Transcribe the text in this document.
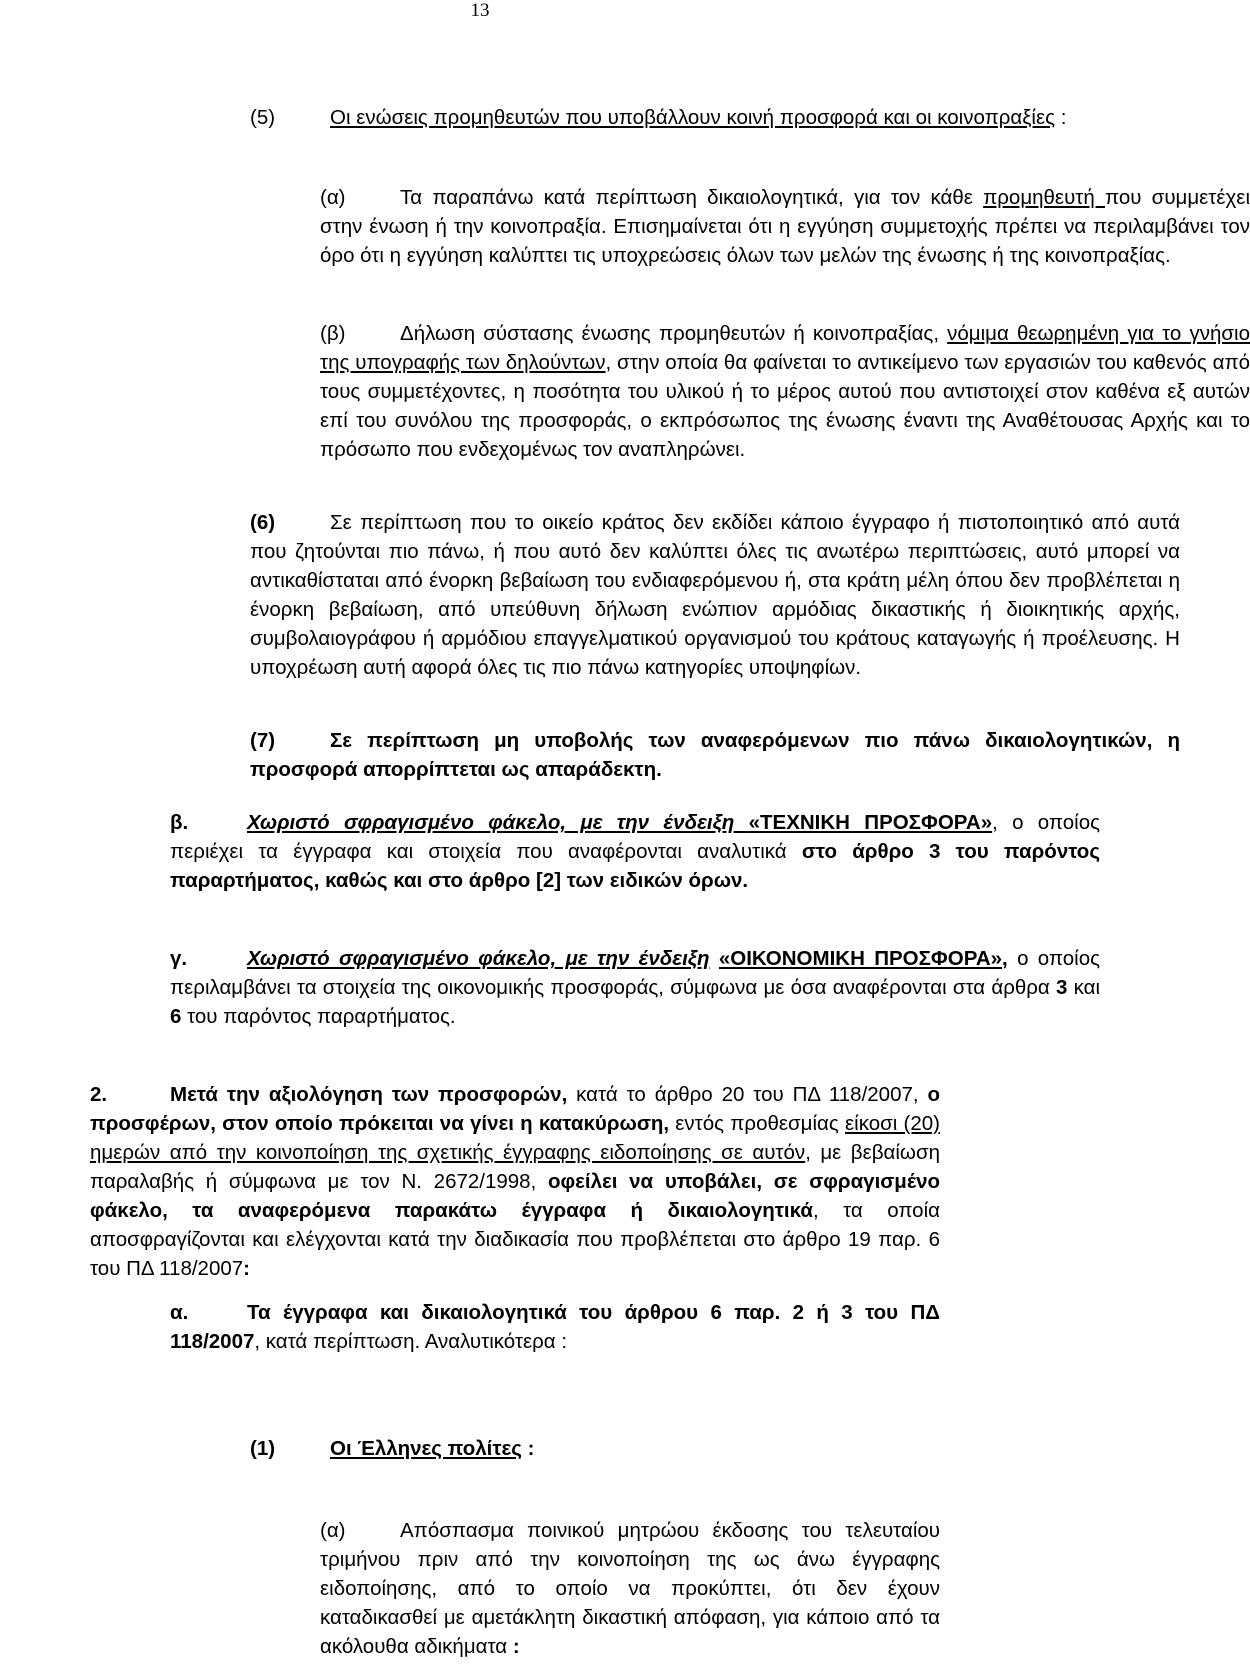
13
(5)	Οι ενώσεις προμηθευτών που υποβάλλουν κοινή προσφορά και οι κοινοπραξίες :
(α)	Τα παραπάνω κατά περίπτωση δικαιολογητικά, για τον κάθε προμηθευτή που συμμετέχει στην ένωση ή την κοινοπραξία. Επισημαίνεται ότι η εγγύηση συμμετοχής πρέπει να περιλαμβάνει τον όρο ότι η εγγύηση καλύπτει τις υποχρεώσεις όλων των μελών της ένωσης ή της κοινοπραξίας.
(β)	Δήλωση σύστασης ένωσης προμηθευτών ή κοινοπραξίας, νόμιμα θεωρημένη για το γνήσιο της υπογραφής των δηλούντων, στην οποία θα φαίνεται το αντικείμενο των εργασιών του καθενός από τους συμμετέχοντες, η ποσότητα του υλικού ή το μέρος αυτού που αντιστοιχεί στον καθένα εξ αυτών επί του συνόλου της προσφοράς, ο εκπρόσωπος της ένωσης έναντι της Αναθέτουσας Αρχής και το πρόσωπο που ενδεχομένως τον αναπληρώνει.
(6)	Σε περίπτωση που το οικείο κράτος δεν εκδίδει κάποιο έγγραφο ή πιστοποιητικό από αυτά που ζητούνται πιο πάνω, ή που αυτό δεν καλύπτει όλες τις ανωτέρω περιπτώσεις, αυτό μπορεί να αντικαθίσταται από ένορκη βεβαίωση του ενδιαφερόμενου ή, στα κράτη μέλη όπου δεν προβλέπεται η ένορκη βεβαίωση, από υπεύθυνη δήλωση ενώπιον αρμόδιας δικαστικής ή διοικητικής αρχής, συμβολαιογράφου ή αρμόδιου επαγγελματικού οργανισμού του κράτους καταγωγής ή προέλευσης. Η υποχρέωση αυτή αφορά όλες τις πιο πάνω κατηγορίες υποψηφίων.
(7)	Σε περίπτωση μη υποβολής των αναφερόμενων πιο πάνω δικαιολογητικών, η προσφορά απορρίπτεται ως απαράδεκτη.
β.	Χωριστό σφραγισμένο φάκελο, με την ένδειξη «ΤΕΧΝΙΚΗ ΠΡΟΣΦΟΡΑ», ο οποίος περιέχει τα έγγραφα και στοιχεία που αναφέρονται αναλυτικά στο άρθρο 3 του παρόντος παραρτήματος, καθώς και στο άρθρο [2] των ειδικών όρων.
γ.	Χωριστό σφραγισμένο φάκελο, με την ένδειξη «ΟΙΚΟΝΟΜΙΚΗ ΠΡΟΣΦΟΡΑ», ο οποίος περιλαμβάνει τα στοιχεία της οικονομικής προσφοράς, σύμφωνα με όσα αναφέρονται στα άρθρα 3 και 6 του παρόντος παραρτήματος.
2.	Μετά την αξιολόγηση των προσφορών, κατά το άρθρο 20 του ΠΔ 118/2007, ο προσφέρων, στον οποίο πρόκειται να γίνει η κατακύρωση, εντός προθεσμίας είκοσι (20) ημερών από την κοινοποίηση της σχετικής έγγραφης ειδοποίησης σε αυτόν, με βεβαίωση παραλαβής ή σύμφωνα με τον Ν. 2672/1998, οφείλει να υποβάλει, σε σφραγισμένο φάκελο, τα αναφερόμενα παρακάτω έγγραφα ή δικαιολογητικά, τα οποία αποσφραγίζονται και ελέγχονται κατά την διαδικασία που προβλέπεται στο άρθρο 19 παρ. 6 του ΠΔ 118/2007:
α.	Τα έγγραφα και δικαιολογητικά του άρθρου 6 παρ. 2 ή 3 του ΠΔ 118/2007, κατά περίπτωση. Αναλυτικότερα :
(1)	Οι Έλληνες πολίτες :
(α)	Απόσπασμα ποινικού μητρώου έκδοσης του τελευταίου τριμήνου πριν από την κοινοποίηση της ως άνω έγγραφης ειδοποίησης, από το οποίο να προκύπτει, ότι δεν έχουν καταδικασθεί με αμετάκλητη δικαστική απόφαση, για κάποιο από τα ακόλουθα αδικήματα :
